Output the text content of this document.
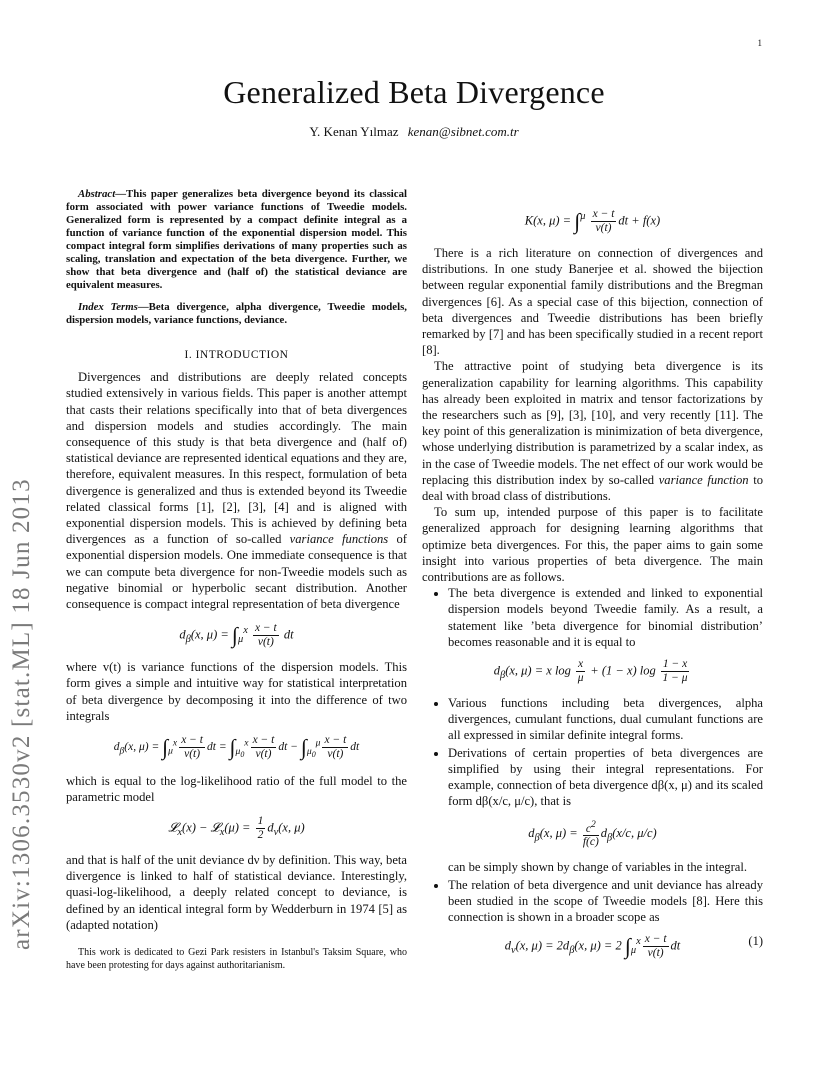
1
arXiv:1306.3530v2 [stat.ML] 18 Jun 2013
Generalized Beta Divergence
Y. Kenan Yılmaz kenan@sibnet.com.tr
Abstract—This paper generalizes beta divergence beyond its classical form associated with power variance functions of Tweedie models. Generalized form is represented by a compact definite integral as a function of variance function of the exponential dispersion model. This compact integral form simplifies derivations of many properties such as scaling, translation and expectation of the beta divergence. Further, we show that beta divergence and (half of) the statistical deviance are equivalent measures.
Index Terms—Beta divergence, alpha divergence, Tweedie models, dispersion models, variance functions, deviance.
I. INTRODUCTION

Divergences and distributions are deeply related concepts studied extensively in various fields. This paper is another attempt that casts their relations specifically into that of beta divergences and dispersion models and studies accordingly. The main consequence of this study is that beta divergence and (half of) statistical deviance are represented identical equations and they are, therefore, equivalent measures. In this respect, formulation of beta divergence is generalized and thus is extended beyond its Tweedie related classical forms [1], [2], [3], [4] and is aligned with exponential dispersion models. This is achieved by defining beta divergences as a function of so-called variance functions of exponential dispersion models. One immediate consequence is that we can compute beta divergence for non-Tweedie models such as negative binomial or hyperbolic secant distribution. Another consequence is compact integral representation of beta divergence

$d_\beta(x$, $\mu) = \int_\mu^x \frac{x - t}{v(t)}$ dt

where v(t) is variance functions of the dispersion models. This form gives a simple and intuitive way for statistical interpretation of beta divergence by decomposing it into the difference of two integrals

$d_\beta(x$, $\mu) = \int_\mu^x \frac{x - t}{v(t)}$ dt = $\int_{\mu_0}^x \frac{x - t}{v(t)}$ dt − $\int_{\mu_0}^\mu \frac{x - t}{v(t)}$ dt

which is equal to the log-likelihood ratio of the full model to the parametric model

𝓛$_x$(x) − 𝓛$_x$(μ) = $\frac{1}{2} d_\nu(x$, μ)

and that is half of the unit deviance dν by definition. This way, beta divergence is linked to half of statistical deviance. Interestingly, quasi-log-likelihood, a deeply related concept to deviance, is defined by an identical integral form by Wedderburn in 1974 [5] as (adapted notation)

This work is dedicated to Gezi Park resisters in Istanbul's Taksim Square, who have been protesting for days against authoritarianism.
K(x, $\mu) = \int^\mu \frac{x - t}{v(t)}$ dt + f(x)

There is a rich literature on connection of divergences and distributions. In one study Banerjee et al. showed the bijection between regular exponential family distributions and the Bregman divergences [6]. As a special case of this bijection, connection of beta divergences and Tweedie distributions has been briefly remarked by [7] and has been specifically studied in a recent report [8].

The attractive point of studying beta divergence is its generalization capability for learning algorithms. This capability has already been exploited in matrix and tensor factorizations by the researchers such as [9], [3], [10], and very recently [11]. The key point of this generalization is minimization of beta divergence, whose underlying distribution is parametrized by a scalar index, as in the case of Tweedie models. The net effect of our work would be replacing this distribution index by so-called variance function to deal with broad class of distributions.

To sum up, intended purpose of this paper is to facilitate generalized approach for designing learning algorithms that optimize beta divergences. For this, the paper aims to gain some insight into various properties of beta divergence. The main contributions are as follows.

• The beta divergence is extended and linked to exponential dispersion models beyond Tweedie family. As a result, a statement like ’beta divergence for binomial distribution’ becomes reasonable and it is equal to
$d_\beta(x$, μ) = x $\log \frac{x}{\mu} + (1 - x)$ $\log \frac{1 - x}{1 - \mu}$
• Various functions including beta divergences, alpha divergences, cumulant functions, dual cumulant functions are all expressed in similar definite integral forms.
• Derivations of certain properties of beta divergences are simplified by using their integral representations. For example, connection of beta divergence dβ(x, μ) and its scaled form dβ(x/c, μ/c), that is
$d_\beta(x$, $\mu) = \frac{c^2}{f(c)} d_\beta(x/c$, μ/c)
can be simply shown by change of variables in the integral.
• The relation of beta divergence and unit deviance has already been studied in the scope of Tweedie models [8]. Here this connection is shown in a broader scope as
$d_\nu(x$, $\mu) = 2d_\beta(x$, μ) = 2 $\int_\mu^x \frac{x - t}{v(t)}$ dt	(1)
